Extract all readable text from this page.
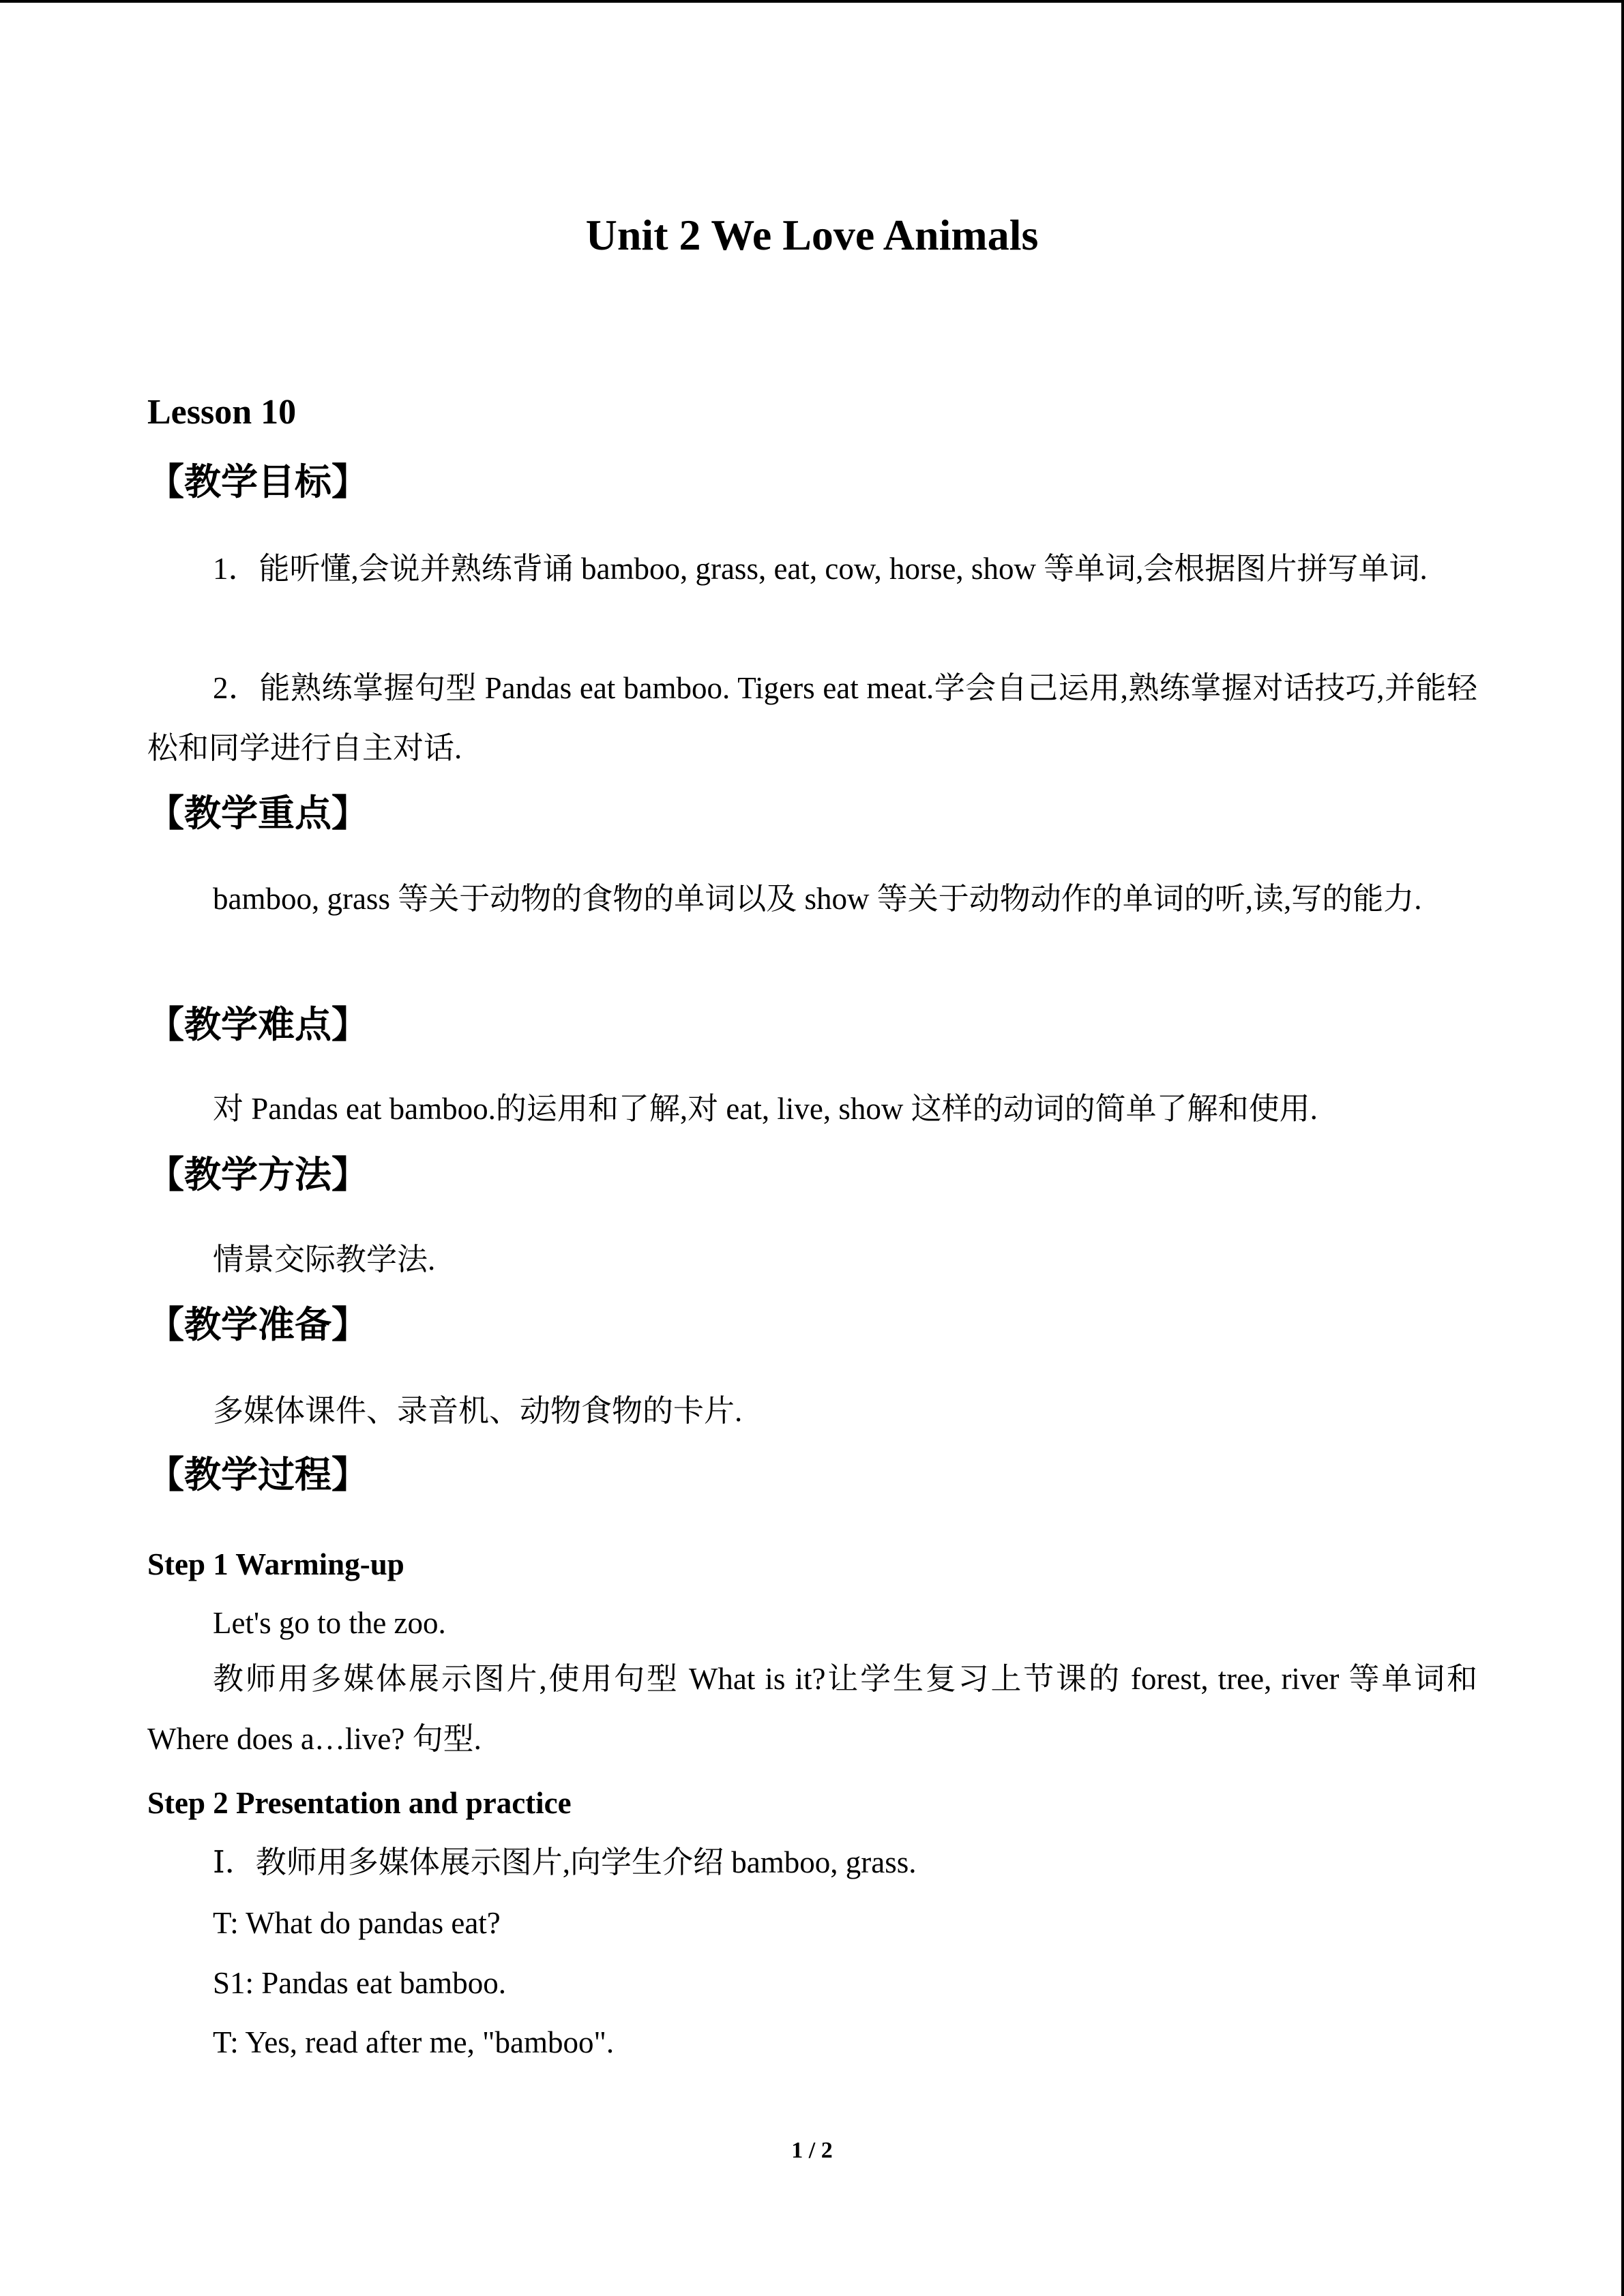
Unit 2 We Love Animals
Lesson 10
【教学目标】
1．能听懂,会说并熟练背诵 bamboo, grass, eat, cow, horse, show 等单词,会根据图片拼写单词.
2．能熟练掌握句型 Pandas eat bamboo. Tigers eat meat.学会自己运用,熟练掌握对话技巧,并能轻松和同学进行自主对话.
【教学重点】
bamboo, grass 等关于动物的食物的单词以及 show 等关于动物动作的单词的听,读,写的能力.
【教学难点】
对 Pandas eat bamboo.的运用和了解,对 eat, live, show 这样的动词的简单了解和使用.
【教学方法】
情景交际教学法.
【教学准备】
多媒体课件、录音机、动物食物的卡片.
【教学过程】
Step 1 Warming-up
Let's go to the zoo.
教师用多媒体展示图片,使用句型 What is it?让学生复习上节课的 forest, tree, river 等单词和 Where does a…live? 句型.
Step 2 Presentation and practice
Ⅰ．教师用多媒体展示图片,向学生介绍 bamboo, grass.
T: What do pandas eat?
S1: Pandas eat bamboo.
T: Yes, read after me, "bamboo".
1 / 2
